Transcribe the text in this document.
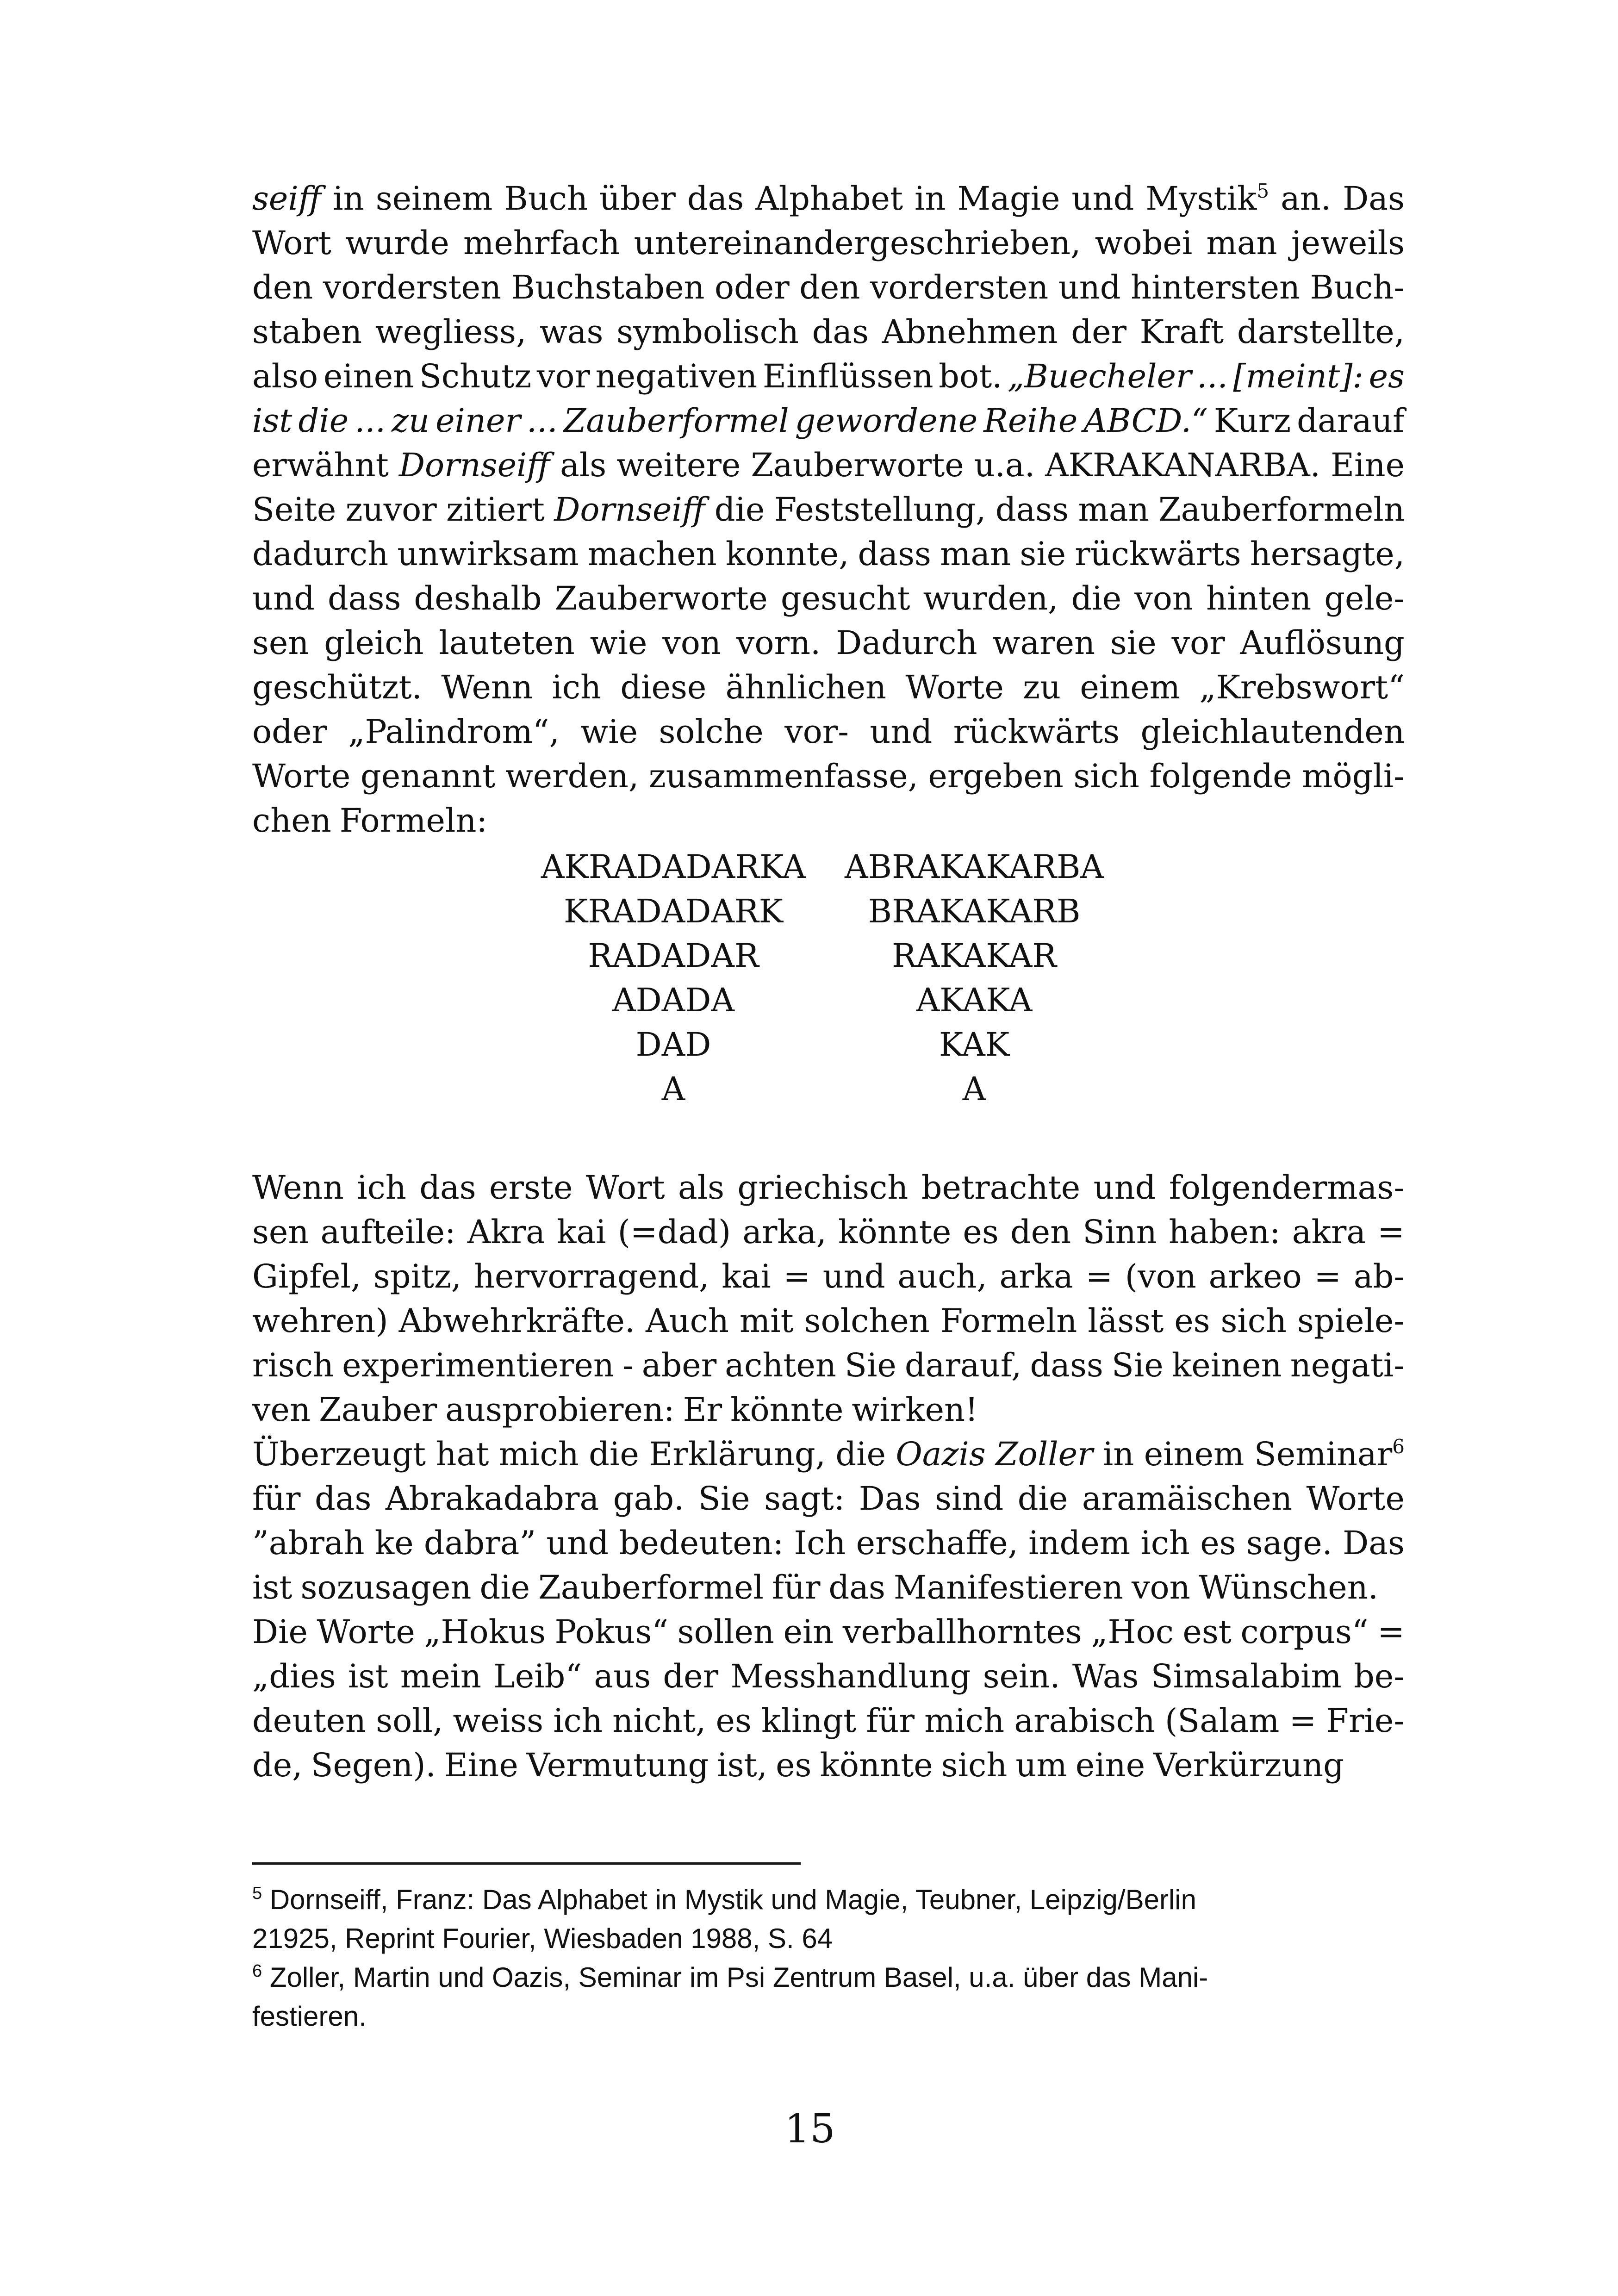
seiff in seinem Buch über das Alphabet in Magie und Mystik$^5$ an. Das
Wort wurde mehrfach untereinandergeschrieben, wobei man jeweils
den vordersten Buchstaben oder den vordersten und hintersten Buch-
staben wegliess, was symbolisch das Abnehmen der Kraft darstellte,
also einen Schutz vor negativen Einflüssen bot. „Buecheler ... [meint]: es
ist die ... zu einer ... Zauberformel gewordene Reihe ABCD.“ Kurz darauf
erwähnt Dornseiff als weitere Zauberworte u.a. AKRAKANARBA. Eine
Seite zuvor zitiert Dornseiff die Feststellung, dass man Zauberformeln
dadurch unwirksam machen konnte, dass man sie rückwärts hersagte,
und dass deshalb Zauberworte gesucht wurden, die von hinten gele-
sen gleich lauteten wie von vorn. Dadurch waren sie vor Auflösung
geschützt. Wenn ich diese ähnlichen Worte zu einem „Krebswort“
oder „Palindrom“, wie solche vor- und rückwärts gleichlautenden
Worte genannt werden, zusammenfasse, ergeben sich folgende mögli-
chen Formeln:
Wenn ich das erste Wort als griechisch betrachte und folgendermas-
sen aufteile: Akra kai (=dad) arka, könnte es den Sinn haben: akra =
Gipfel, spitz, hervorragend, kai = und auch, arka = (von arkeo = ab-
wehren) Abwehrkräfte. Auch mit solchen Formeln lässt es sich spiele-
risch experimentieren - aber achten Sie darauf, dass Sie keinen negati-
ven Zauber ausprobieren: Er könnte wirken!
Überzeugt hat mich die Erklärung, die Oazis Zoller in einem Seminar$^6$
für das Abrakadabra gab. Sie sagt: Das sind die aramäischen Worte
”abrah ke dabra” und bedeuten: Ich erschaffe, indem ich es sage. Das
ist sozusagen die Zauberformel für das Manifestieren von Wünschen.
Die Worte „Hokus Pokus“ sollen ein verballhorntes „Hoc est corpus“ =
„dies ist mein Leib“ aus der Messhandlung sein. Was Simsalabim be-
deuten soll, weiss ich nicht, es klingt für mich arabisch (Salam = Frie-
de, Segen). Eine Vermutung ist, es könnte sich um eine Verkürzung
AKRADADARKA
KRADADARK
RADADAR
ADADA
DAD
A
ABRAKAKARBA
BRAKAKARB
RAKAKAR
AKAKA
KAK
A
$^5$ Dornseiff, Franz: Das Alphabet in Mystik und Magie, Teubner, Leipzig/Berlin
21925, Reprint Fourier, Wiesbaden 1988, S. 64
$^6$ Zoller, Martin und Oazis, Seminar im Psi Zentrum Basel, u.a. über das Mani-
festieren.
15
